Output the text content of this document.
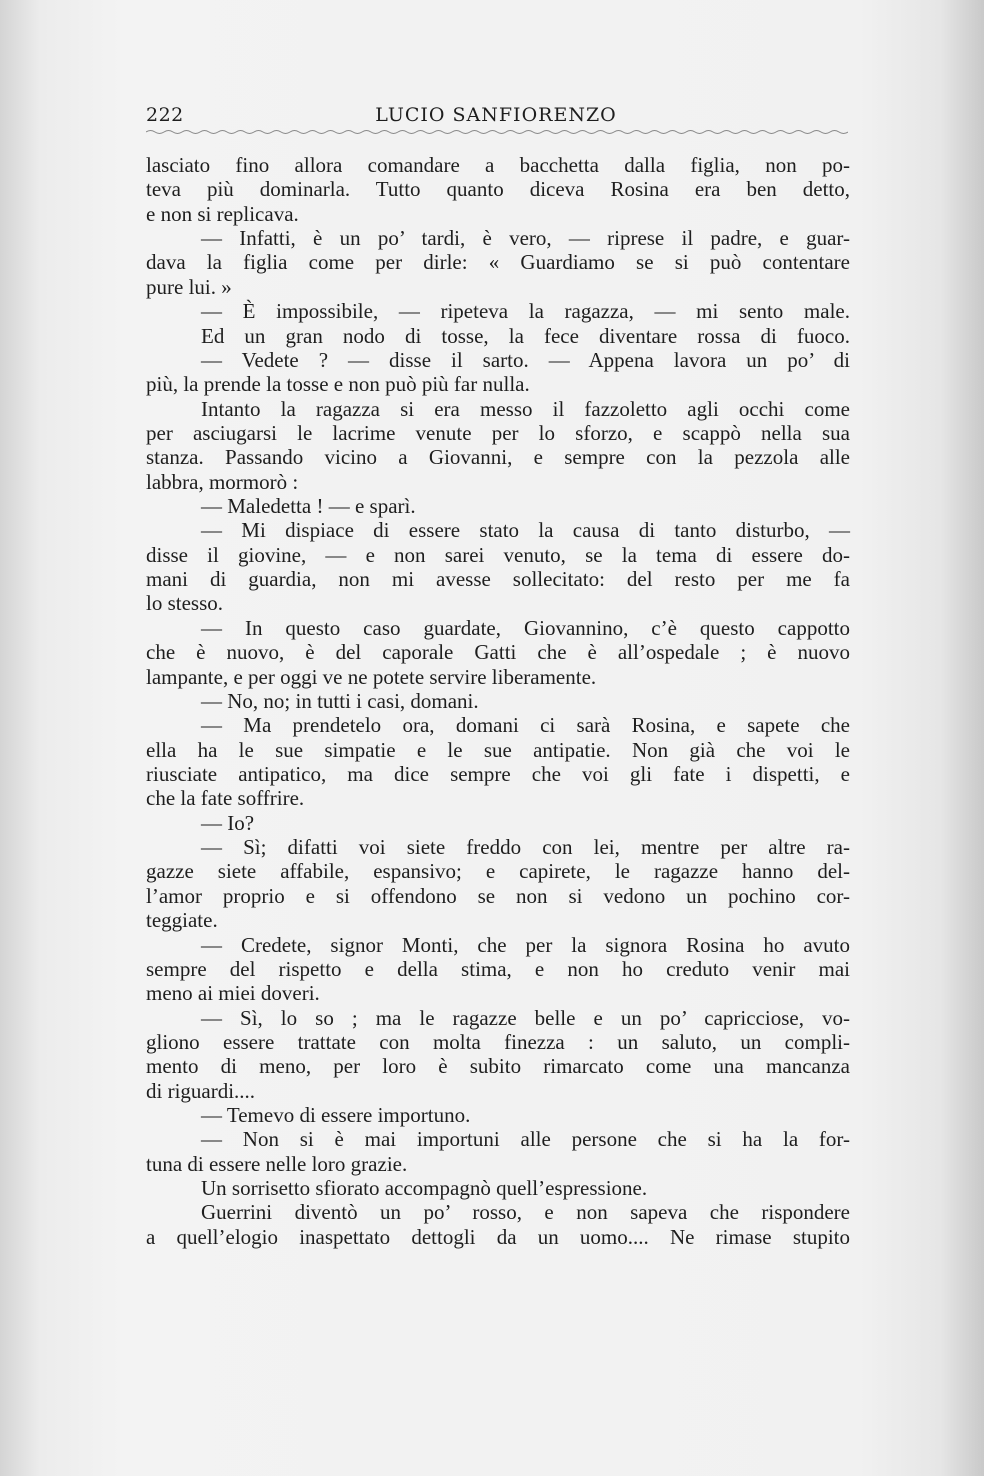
222	LUCIO SANFIORENZO
lasciato fino allora comandare a bacchetta dalla figlia, non po-
teva più dominarla. Tutto quanto diceva Rosina era ben detto,
e non si replicava.
— Infatti, è un po’ tardi, è vero, — riprese il padre, e guar-
dava la figlia come per dirle: « Guardiamo se si può contentare
pure lui. »
— È impossibile, — ripeteva la ragazza, — mi sento male.
Ed un gran nodo di tosse, la fece diventare rossa di fuoco.
— Vedete ? — disse il sarto. — Appena lavora un po’ di
più, la prende la tosse e non può più far nulla.
Intanto la ragazza si era messo il fazzoletto agli occhi come
per asciugarsi le lacrime venute per lo sforzo, e scappò nella sua
stanza. Passando vicino a Giovanni, e sempre con la pezzola alle
labbra, mormorò :
— Maledetta ! — e sparì.
— Mi dispiace di essere stato la causa di tanto disturbo, —
disse il giovine, — e non sarei venuto, se la tema di essere do-
mani di guardia, non mi avesse sollecitato: del resto per me fa
lo stesso.
— In questo caso guardate, Giovannino, c’è questo cappotto
che è nuovo, è del caporale Gatti che è all’ospedale ; è nuovo
lampante, e per oggi ve ne potete servire liberamente.
— No, no; in tutti i casi, domani.
— Ma prendetelo ora, domani ci sarà Rosina, e sapete che
ella ha le sue simpatie e le sue antipatie. Non già che voi le
riusciate antipatico, ma dice sempre che voi gli fate i dispetti, e
che la fate soffrire.
— Io?
— Sì; difatti voi siete freddo con lei, mentre per altre ra-
gazze siete affabile, espansivo; e capirete, le ragazze hanno del-
l’amor proprio e si offendono se non si vedono un pochino cor-
teggiate.
— Credete, signor Monti, che per la signora Rosina ho avuto
sempre del rispetto e della stima, e non ho creduto venir mai
meno ai miei doveri.
— Sì, lo so ; ma le ragazze belle e un po’ capricciose, vo-
gliono essere trattate con molta finezza : un saluto, un compli-
mento di meno, per loro è subito rimarcato come una mancanza
di riguardi....
— Temevo di essere importuno.
— Non si è mai importuni alle persone che si ha la for-
tuna di essere nelle loro grazie.
Un sorrisetto sfiorato accompagnò quell’espressione.
Guerrini diventò un po’ rosso, e non sapeva che rispondere
a quell’elogio inaspettato dettogli da un uomo.... Ne rimase stupito
